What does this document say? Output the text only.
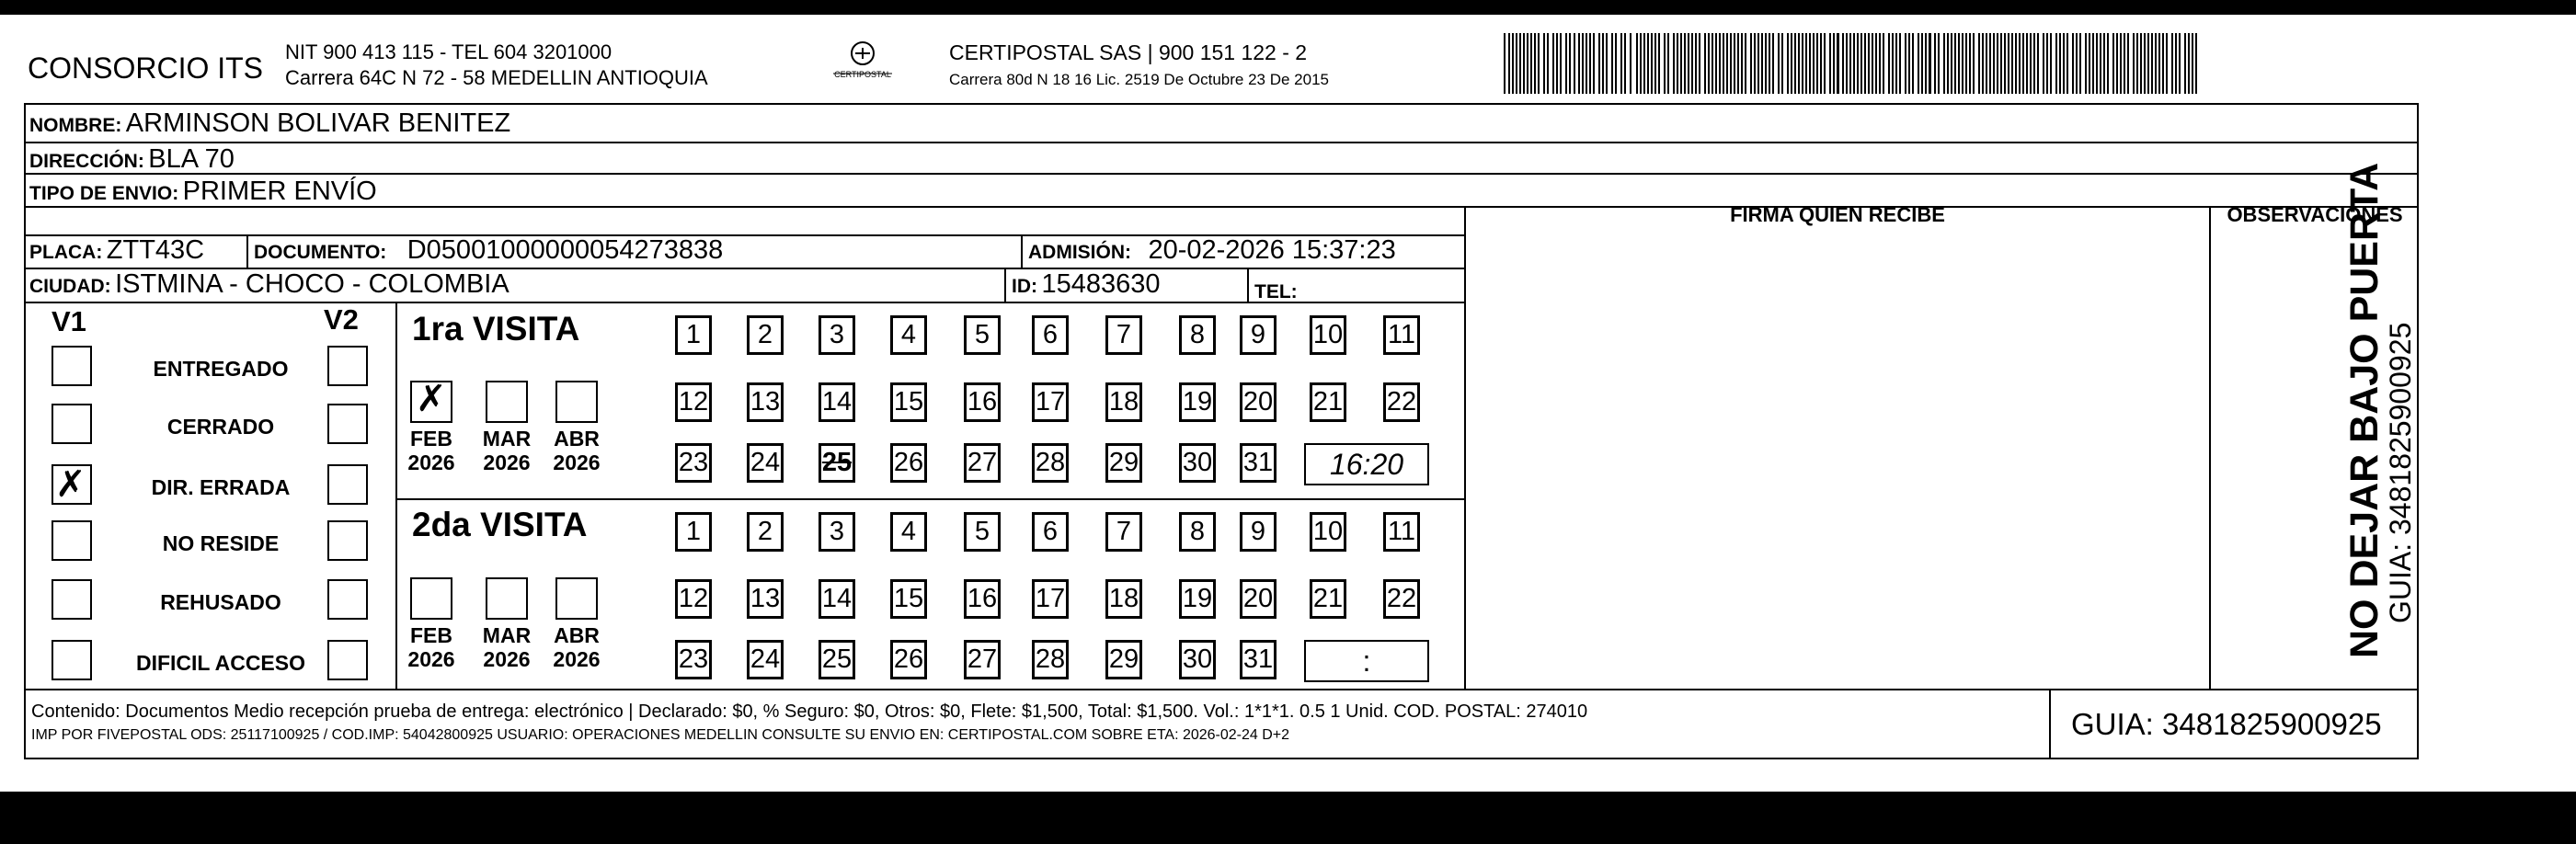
CONSORCIO ITS NIT 900 413 115 - TEL 604 3201000
Carrera 64C N 72 - 58 MEDELLIN ANTIOQUIA	CERTIPOSTAL
CERTIPOSTAL SAS | 900 151 122 - 2
Carrera 80d N 18 16 Lic. 2519 De Octubre 23 De 2015
NOMBRE: ARMINSON BOLIVAR BENITEZ
DIRECCIÓN: BLA 70
TIPO DE ENVIO: PRIMER ENVÍO
PLACA: ZTT43C	DOCUMENTO: D05001000000054273838	ADMISIÓN: 20-02-2026 15:37:23
CIUDAD: ISTMINA - CHOCO - COLOMBIA	ID: 15483630	TEL:
FIRMA QUIEN RECIBE	OBSERVACIONES
V1	V2
ENTREGADO
CERRADO
✗	DIR. ERRADA
NO RESIDE
REHUSADO
DIFICIL ACCESO
1ra VISITA
2da VISITA
✗
FEB
2026
MAR
2026
ABR
2026
1	2	3	4	5	6	7	8	9	10 11
12 13 14 15 16 17 18 19 20 21 22
23 24 25 26 27 28 29 30 31	16:20
FEB
2026
MAR
2026
ABR
2026
1	2	3	4	5	6	7	8	9	10 11
12 13 14 15 16 17 18 19 20 21 22
23 24 25 26 27 28 29 30 31	:
Contenido: Documentos Medio recepción prueba de entrega: electrónico | Declarado: $0, % Seguro: $0, Otros: $0, Flete: $1,500, Total: $1,500. Vol.: 1*1*1. 0.5 1 Unid. COD. POSTAL: 274010
IMP POR FIVEPOSTAL ODS: 25117100925 / COD.IMP: 54042800925 USUARIO: OPERACIONES MEDELLIN CONSULTE SU ENVIO EN: CERTIPOSTAL.COM SOBRE ETA: 2026-02-24 D+2	GUIA: 3481825900925
NO DEJAR BAJO PUERTA
GUIA: 3481825900925
